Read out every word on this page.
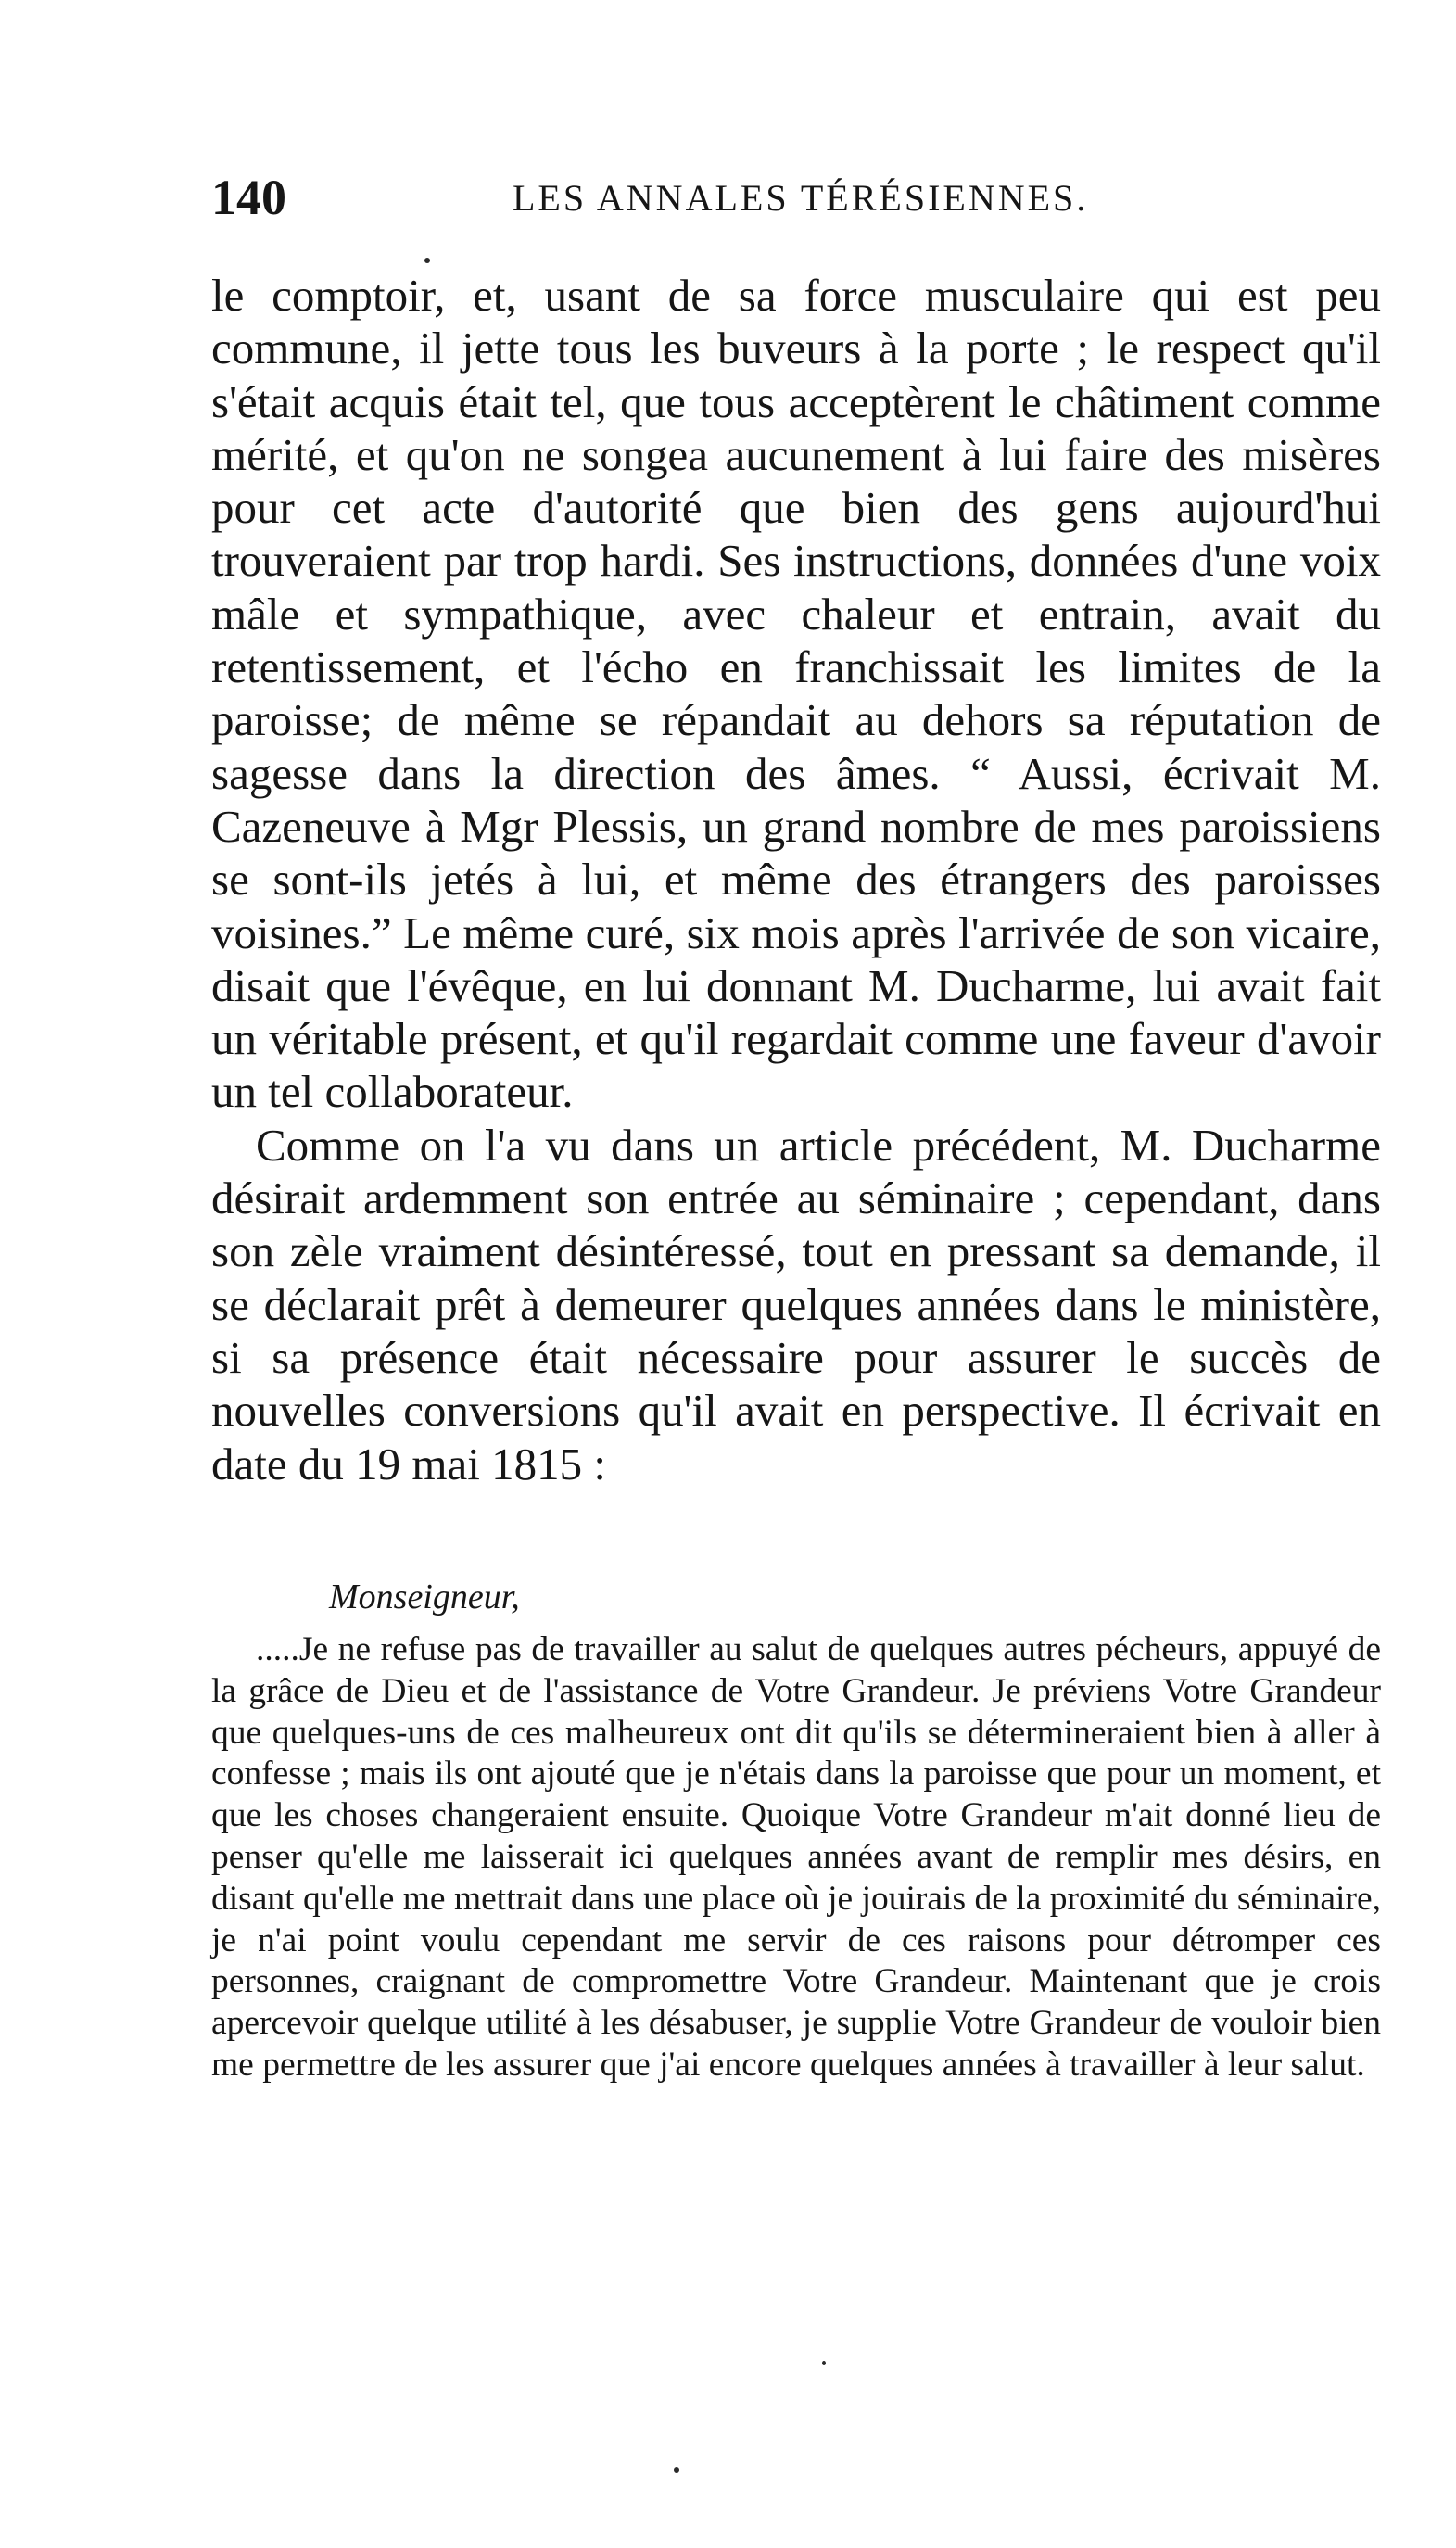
140	LES ANNALES TÉRÉSIENNES.

le comptoir, et, usant de sa force musculaire qui est peu commune, il jette tous les buveurs à la porte ; le respect qu'il s'était acquis était tel, que tous acceptèrent le châtiment comme mérité, et qu'on ne songea aucunement à lui faire des misères pour cet acte d'autorité que bien des gens aujourd'hui trouveraient par trop hardi. Ses instructions, données d'une voix mâle et sympathique, avec chaleur et entrain, avait du retentissement, et l'écho en franchissait les limites de la paroisse; de même se répandait au dehors sa réputation de sagesse dans la direction des âmes. “ Aussi, écrivait M. Cazeneuve à Mgr Plessis, un grand nombre de mes paroissiens se sont-ils jetés à lui, et même des étrangers des paroisses voisines.” Le même curé, six mois après l'arrivée de son vicaire, disait que l'évêque, en lui donnant M. Ducharme, lui avait fait un véritable présent, et qu'il regardait comme une faveur d'avoir un tel collaborateur.

Comme on l'a vu dans un article précédent, M. Ducharme désirait ardemment son entrée au séminaire ; cependant, dans son zèle vraiment désintéressé, tout en pressant sa demande, il se déclarait prêt à demeurer quelques années dans le ministère, si sa présence était nécessaire pour assurer le succès de nouvelles conversions qu'il avait en perspective. Il écrivait en date du 19 mai 1815 :

Monseigneur,

.....Je ne refuse pas de travailler au salut de quelques autres pécheurs, appuyé de la grâce de Dieu et de l'assistance de Votre Grandeur. Je préviens Votre Grandeur que quelques-uns de ces malheureux ont dit qu'ils se détermineraient bien à aller à confesse ; mais ils ont ajouté que je n'étais dans la paroisse que pour un moment, et que les choses changeraient ensuite. Quoique Votre Grandeur m'ait donné lieu de penser qu'elle me laisserait ici quelques années avant de remplir mes désirs, en disant qu'elle me mettrait dans une place où je jouirais de la proximité du séminaire, je n'ai point voulu cependant me servir de ces raisons pour détromper ces personnes, craignant de compromettre Votre Grandeur. Maintenant que je crois apercevoir quelque utilité à les désabuser, je supplie Votre Grandeur de vouloir bien me permettre de les assurer que j'ai encore quelques années à travailler à leur salut.
